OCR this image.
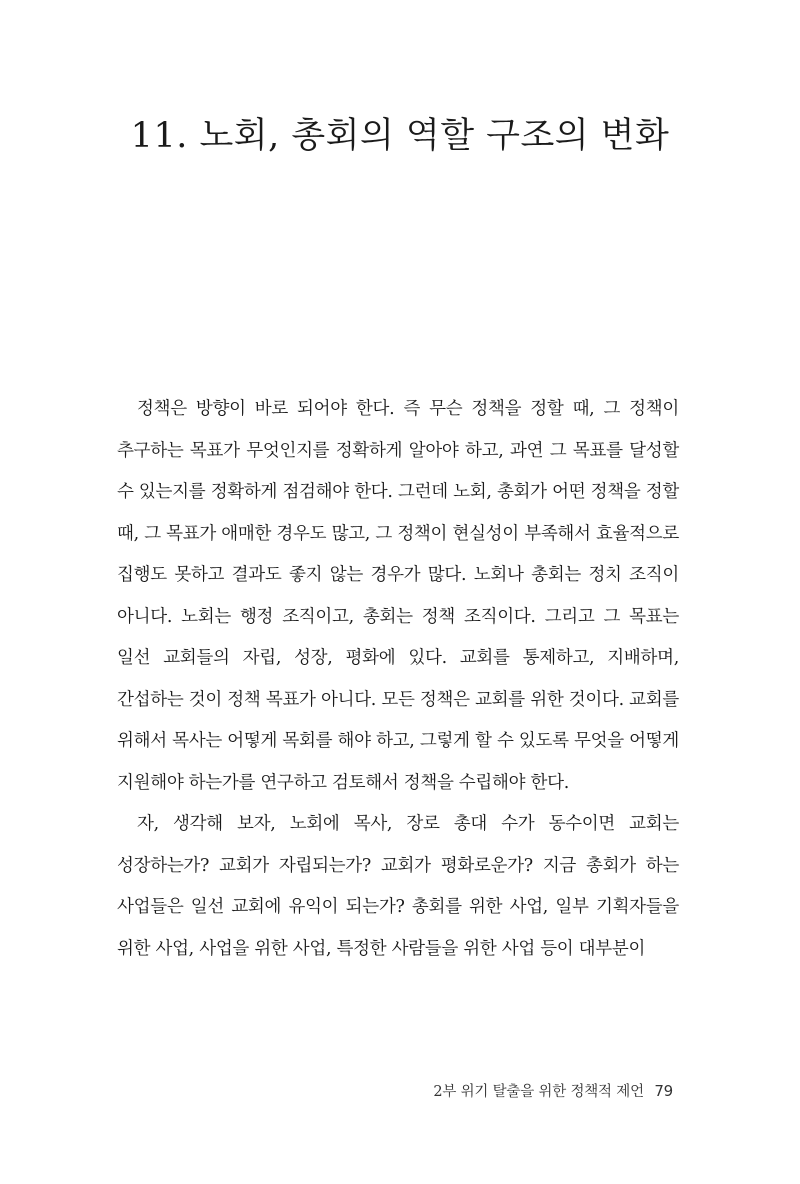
11. 노회, 총회의 역할 구조의 변화

정책은 방향이 바로 되어야 한다. 즉 무슨 정책을 정할 때, 그 정책이 추구하는 목표가 무엇인지를 정확하게 알아야 하고, 과연 그 목표를 달성할 수 있는지를 정확하게 점검해야 한다. 그런데 노회, 총회가 어떤 정책을 정할 때, 그 목표가 애매한 경우도 많고, 그 정책이 현실성이 부족해서 효율적으로 집행도 못하고 결과도 좋지 않는 경우가 많다. 노회나 총회는 정치 조직이 아니다. 노회는 행정 조직이고, 총회는 정책 조직이다. 그리고 그 목표는 일선 교회들의 자립, 성장, 평화에 있다. 교회를 통제하고, 지배하며, 간섭하는 것이 정책 목표가 아니다. 모든 정책은 교회를 위한 것이다. 교회를 위해서 목사는 어떻게 목회를 해야 하고, 그렇게 할 수 있도록 무엇을 어떻게 지원해야 하는가를 연구하고 검토해서 정책을 수립해야 한다.

자, 생각해 보자, 노회에 목사, 장로 총대 수가 동수이면 교회는 성장하는가? 교회가 자립되는가? 교회가 평화로운가? 지금 총회가 하는 사업들은 일선 교회에 유익이 되는가? 총회를 위한 사업, 일부 기획자들을 위한 사업, 사업을 위한 사업, 특정한 사람들을 위한 사업 등이 대부분이

2부 위기 탈출을 위한 정책적 제언 79
